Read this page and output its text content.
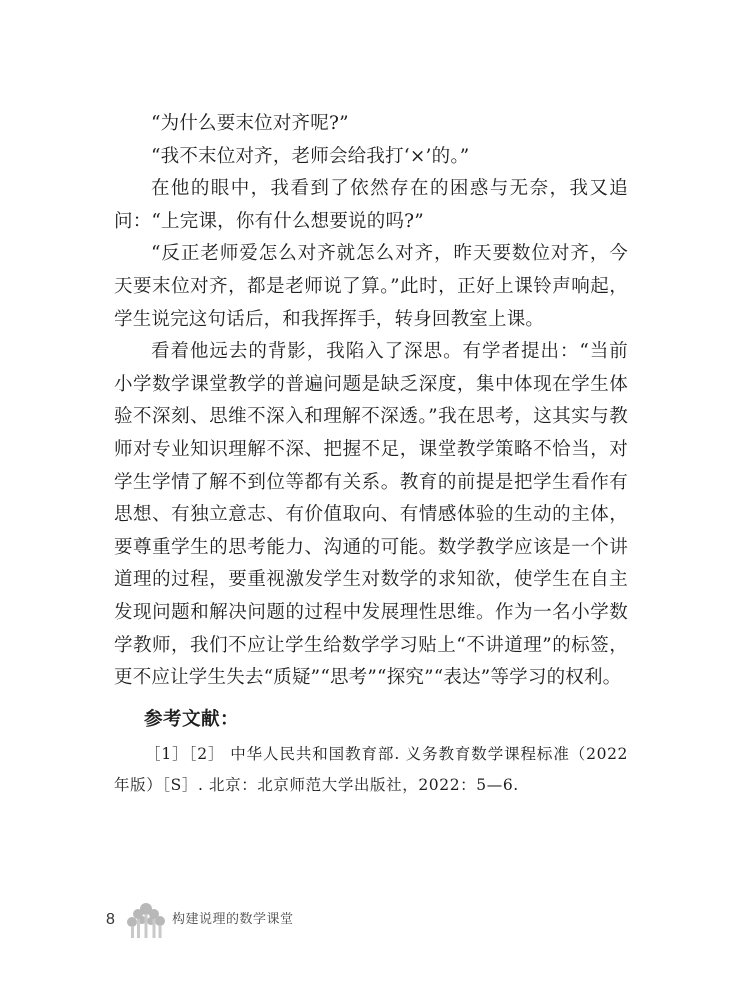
“为什么要末位对齐呢?”

“我不末位对齐，老师会给我打‘×’的。”

在他的眼中，我看到了依然存在的困惑与无奈，我又追问：“上完课，你有什么想要说的吗?”

“反正老师爱怎么对齐就怎么对齐，昨天要数位对齐，今天要末位对齐，都是老师说了算。”此时，正好上课铃声响起，学生说完这句话后，和我挥挥手，转身回教室上课。

看着他远去的背影，我陷入了深思。有学者提出：“当前小学数学课堂教学的普遍问题是缺乏深度，集中体现在学生体验不深刻、思维不深入和理解不深透。”我在思考，这其实与教师对专业知识理解不深、把握不足，课堂教学策略不恰当，对学生学情了解不到位等都有关系。教育的前提是把学生看作有思想、有独立意志、有价值取向、有情感体验的生动的主体，要尊重学生的思考能力、沟通的可能。数学教学应该是一个讲道理的过程，要重视激发学生对数学的求知欲，使学生在自主发现问题和解决问题的过程中发展理性思维。作为一名小学数学教师，我们不应让学生给数学学习贴上“不讲道理”的标签，更不应让学生失去“质疑”“思考”“探究”“表达”等学习的权利。

参考文献：

［1］［2］ 中华人民共和国教育部. 义务教育数学课程标准（2022 年版）［S］. 北京：北京师范大学出版社，2022：5—6.

8	构建说理的数学课堂
